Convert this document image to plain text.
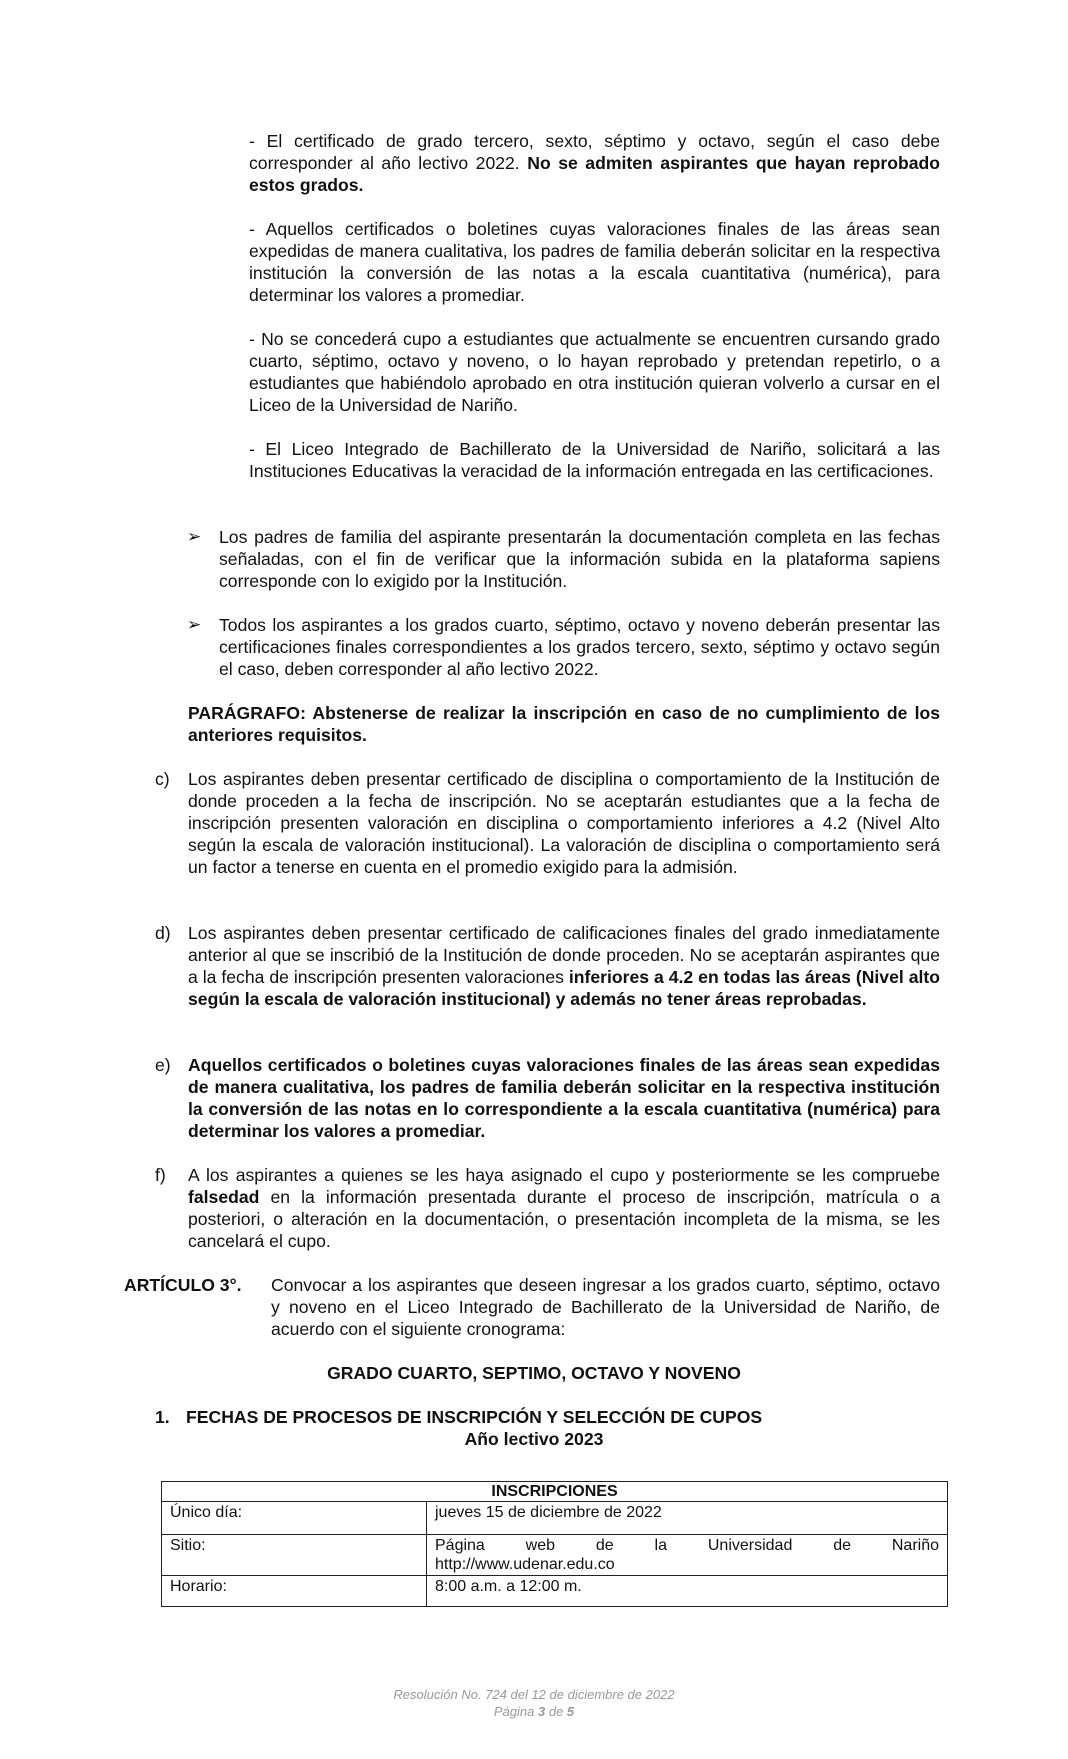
- El certificado de grado tercero, sexto, séptimo y octavo, según el caso debe corresponder al año lectivo 2022. No se admiten aspirantes que hayan reprobado estos grados.

- Aquellos certificados o boletines cuyas valoraciones finales de las áreas sean expedidas de manera cualitativa, los padres de familia deberán solicitar en la respectiva institución la conversión de las notas a la escala cuantitativa (numérica), para determinar los valores a promediar.

- No se concederá cupo a estudiantes que actualmente se encuentren cursando grado cuarto, séptimo, octavo y noveno, o lo hayan reprobado y pretendan repetirlo, o a estudiantes que habiéndolo aprobado en otra institución quieran volverlo a cursar en el Liceo de la Universidad de Nariño.

- El Liceo Integrado de Bachillerato de la Universidad de Nariño, solicitará a las Instituciones Educativas la veracidad de la información entregada en las certificaciones.

➢ Los padres de familia del aspirante presentarán la documentación completa en las fechas señaladas, con el fin de verificar que la información subida en la plataforma sapiens corresponde con lo exigido por la Institución.

➢ Todos los aspirantes a los grados cuarto, séptimo, octavo y noveno deberán presentar las certificaciones finales correspondientes a los grados tercero, sexto, séptimo y octavo según el caso, deben corresponder al año lectivo 2022.

PARÁGRAFO: Abstenerse de realizar la inscripción en caso de no cumplimiento de los anteriores requisitos.

c) Los aspirantes deben presentar certificado de disciplina o comportamiento de la Institución de donde proceden a la fecha de inscripción. No se aceptarán estudiantes que a la fecha de inscripción presenten valoración en disciplina o comportamiento inferiores a 4.2 (Nivel Alto según la escala de valoración institucional). La valoración de disciplina o comportamiento será un factor a tenerse en cuenta en el promedio exigido para la admisión.

d) Los aspirantes deben presentar certificado de calificaciones finales del grado inmediatamente anterior al que se inscribió de la Institución de donde proceden. No se aceptarán aspirantes que a la fecha de inscripción presenten valoraciones inferiores a 4.2 en todas las áreas (Nivel alto según la escala de valoración institucional) y además no tener áreas reprobadas.

e) Aquellos certificados o boletines cuyas valoraciones finales de las áreas sean expedidas de manera cualitativa, los padres de familia deberán solicitar en la respectiva institución la conversión de las notas en lo correspondiente a la escala cuantitativa (numérica) para determinar los valores a promediar.

f) A los aspirantes a quienes se les haya asignado el cupo y posteriormente se les compruebe falsedad en la información presentada durante el proceso de inscripción, matrícula o a posteriori, o alteración en la documentación, o presentación incompleta de la misma, se les cancelará el cupo.

ARTÍCULO 3°. Convocar a los aspirantes que deseen ingresar a los grados cuarto, séptimo, octavo y noveno en el Liceo Integrado de Bachillerato de la Universidad de Nariño, de acuerdo con el siguiente cronograma:

GRADO CUARTO, SEPTIMO, OCTAVO Y NOVENO
1. FECHAS DE PROCESOS DE INSCRIPCIÓN Y SELECCIÓN DE CUPOS
Año lectivo 2023
INSCRIPCIONES	
Único día:	jueves 15 de diciembre de 2022
Sitio:	Página web de la Universidad de Nariño
http://www.udenar.edu.co

Horario:	8:00 a.m. a 12:00 m.
Resolución No. 724 del 12 de diciembre de 2022
Página 3 de 5
